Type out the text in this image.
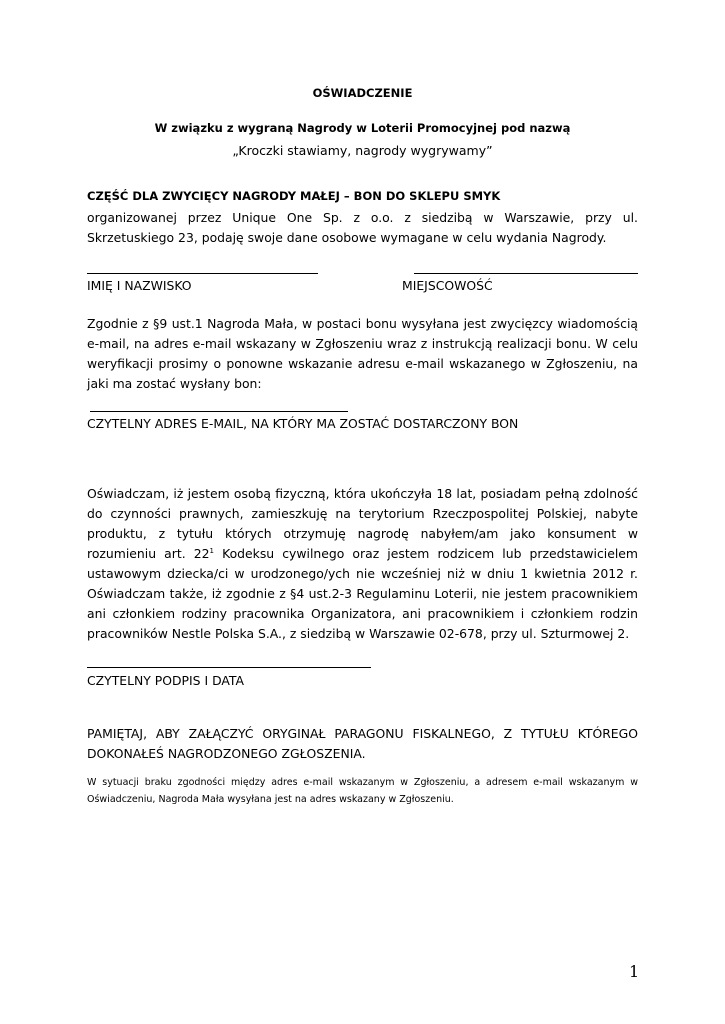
OŚWIADCZENIE
W związku z wygraną Nagrody w Loterii Promocyjnej pod nazwą
„Kroczki stawiamy, nagrody wygrywamy”
CZĘŚĆ DLA ZWYCIĘCY NAGRODY MAŁEJ – BON DO SKLEPU SMYK
organizowanej przez Unique One Sp. z o.o. z siedzibą w Warszawie, przy ul. Skrzetuskiego 23, podaję swoje dane osobowe wymagane w celu wydania Nagrody.
IMIĘ I NAZWISKO	MIEJSCOWOŚĆ
Zgodnie z §9 ust.1 Nagroda Mała, w postaci bonu wysyłana jest zwycięzcy wiadomością e-mail, na adres e-mail wskazany w Zgłoszeniu wraz z instrukcją realizacji bonu. W celu weryfikacji prosimy o ponowne wskazanie adresu e-mail wskazanego w Zgłoszeniu, na jaki ma zostać wysłany bon:
CZYTELNY ADRES E-MAIL, NA KTÓRY MA ZOSTAĆ DOSTARCZONY BON
Oświadczam, iż jestem osobą fizyczną, która ukończyła 18 lat, posiadam pełną zdolność do czynności prawnych, zamieszkuję na terytorium Rzeczpospolitej Polskiej, nabyte produktu, z tytułu których otrzymuję nagrodę nabyłem/am jako konsument w rozumieniu art. $22^1$ Kodeksu cywilnego oraz jestem rodzicem lub przedstawicielem ustawowym dziecka/ci w urodzonego/ych nie wcześniej niż w dniu 1 kwietnia 2012 r. Oświadczam także, iż zgodnie z §4 ust.2-3 Regulaminu Loterii, nie jestem pracownikiem ani członkiem rodziny pracownika Organizatora, ani pracownikiem i członkiem rodzin pracowników Nestle Polska S.A., z siedzibą w Warszawie 02-678, przy ul. Szturmowej 2.
CZYTELNY PODPIS I DATA
PAMIĘTAJ, ABY ZAŁĄCZYĆ ORYGINAŁ PARAGONU FISKALNEGO, Z TYTUŁU KTÓREGO DOKONAŁEŚ NAGRODZONEGO ZGŁOSZENIA.
W sytuacji braku zgodności między adres e-mail wskazanym w Zgłoszeniu, a adresem e-mail wskazanym w Oświadczeniu, Nagroda Mała wysyłana jest na adres wskazany w Zgłoszeniu.
1
